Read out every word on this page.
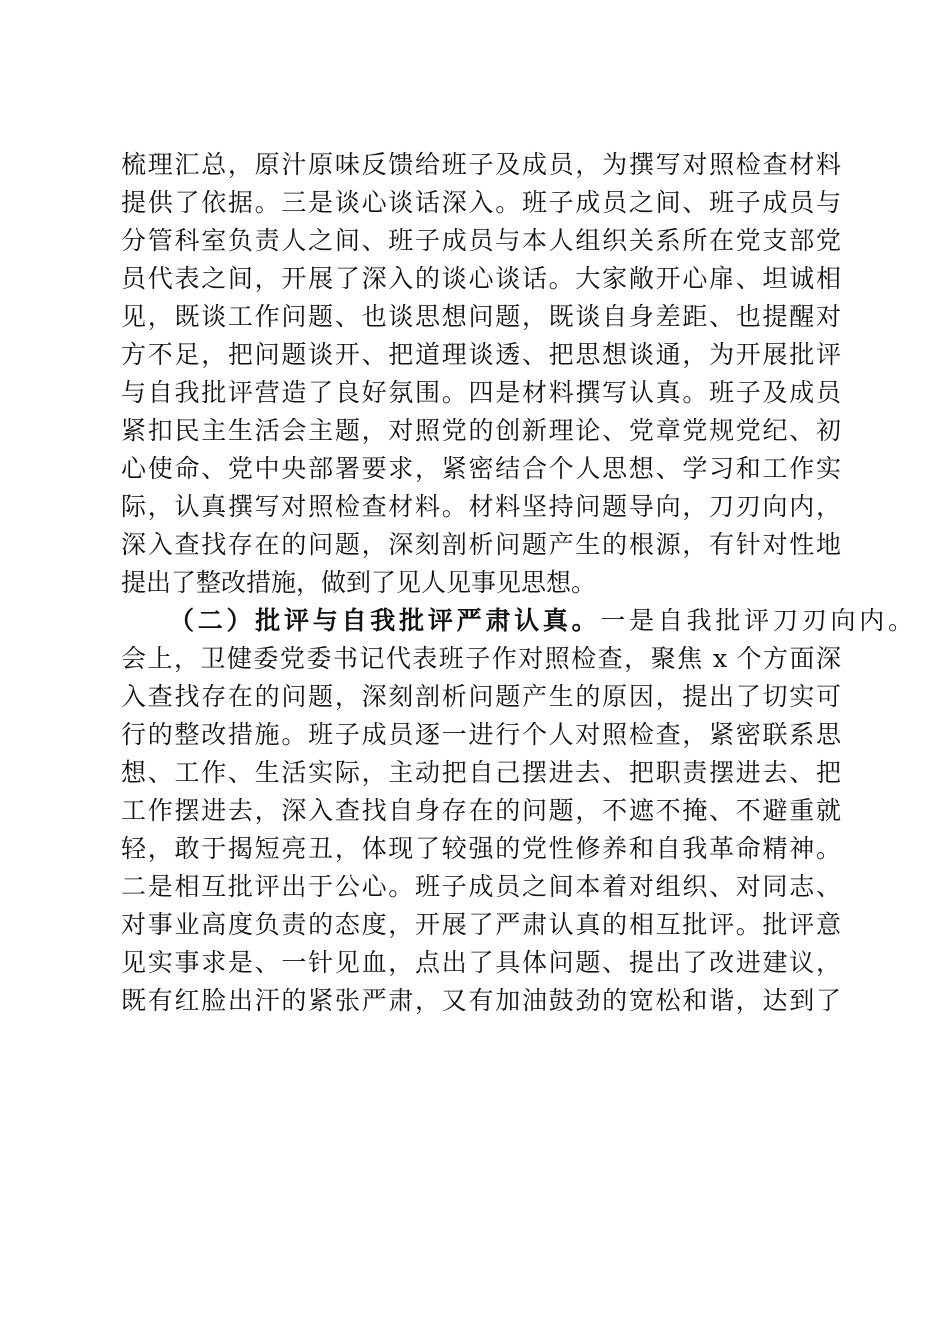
梳理汇总，原汁原味反馈给班子及成员，为撰写对照检查材料
提供了依据。三是谈心谈话深入。班子成员之间、班子成员与
分管科室负责人之间、班子成员与本人组织关系所在党支部党
员代表之间，开展了深入的谈心谈话。大家敞开心扉、坦诚相
见，既谈工作问题、也谈思想问题，既谈自身差距、也提醒对
方不足，把问题谈开、把道理谈透、把思想谈通，为开展批评
与自我批评营造了良好氛围。四是材料撰写认真。班子及成员
紧扣民主生活会主题，对照党的创新理论、党章党规党纪、初
心使命、党中央部署要求，紧密结合个人思想、学习和工作实
际，认真撰写对照检查材料。材料坚持问题导向，刀刃向内，
深入查找存在的问题，深刻剖析问题产生的根源，有针对性地
提出了整改措施，做到了见人见事见思想。
（二）批评与自我批评严肃认真。一是自我批评刀刃向内。
会上，卫健委党委书记代表班子作对照检查，聚焦 x 个方面深
入查找存在的问题，深刻剖析问题产生的原因，提出了切实可
行的整改措施。班子成员逐一进行个人对照检查，紧密联系思
想、工作、生活实际，主动把自己摆进去、把职责摆进去、把
工作摆进去，深入查找自身存在的问题，不遮不掩、不避重就
轻，敢于揭短亮丑，体现了较强的党性修养和自我革命精神。
二是相互批评出于公心。班子成员之间本着对组织、对同志、
对事业高度负责的态度，开展了严肃认真的相互批评。批评意
见实事求是、一针见血，点出了具体问题、提出了改进建议，
既有红脸出汗的紧张严肃，又有加油鼓劲的宽松和谐，达到了
